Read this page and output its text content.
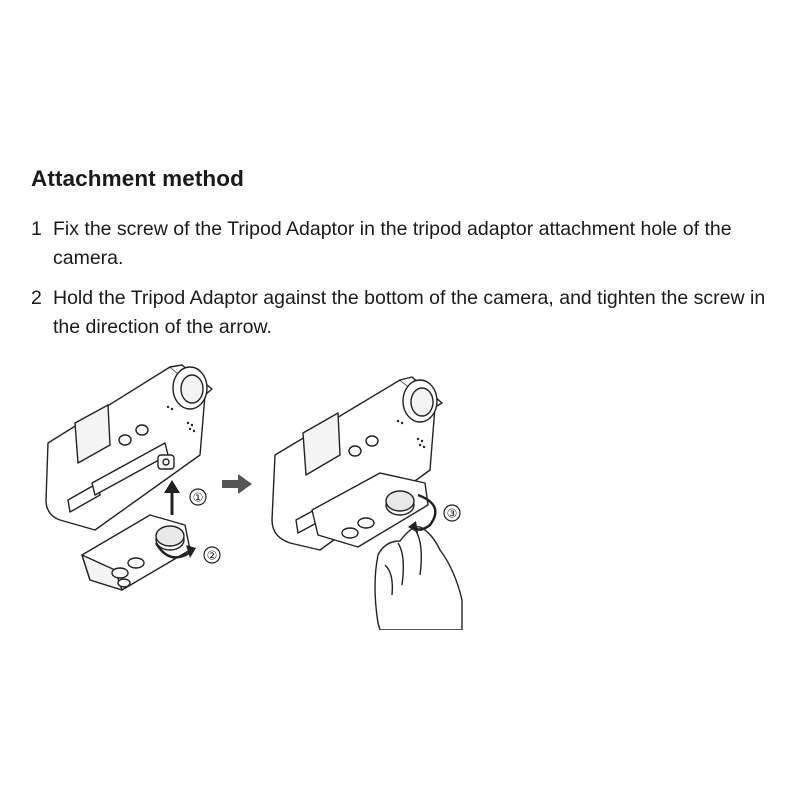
Attachment method
1 Fix the screw of the Tripod Adaptor in the tripod adaptor attachment hole of the camera.
2 Hold the Tripod Adaptor against the bottom of the camera, and tighten the screw in the direction of the arrow.
①
②
③
